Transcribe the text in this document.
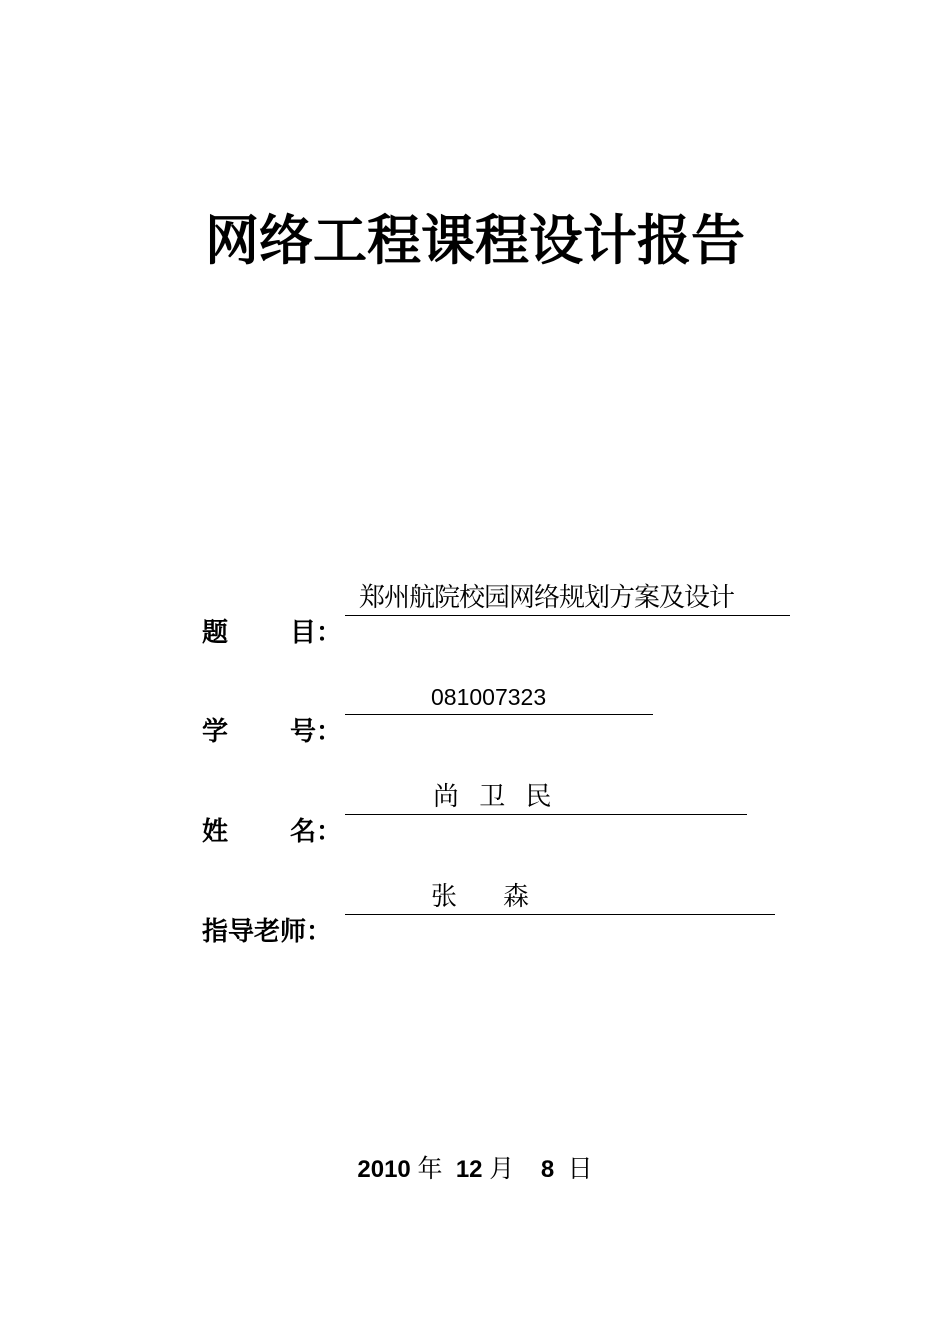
网络工程课程设计报告
题 目：
郑州航院校园网络规划方案及设计
学 号：
081007323
姓 名：
尚 卫 民
指导老师：
张 森
2010 年 12 月 8 日
